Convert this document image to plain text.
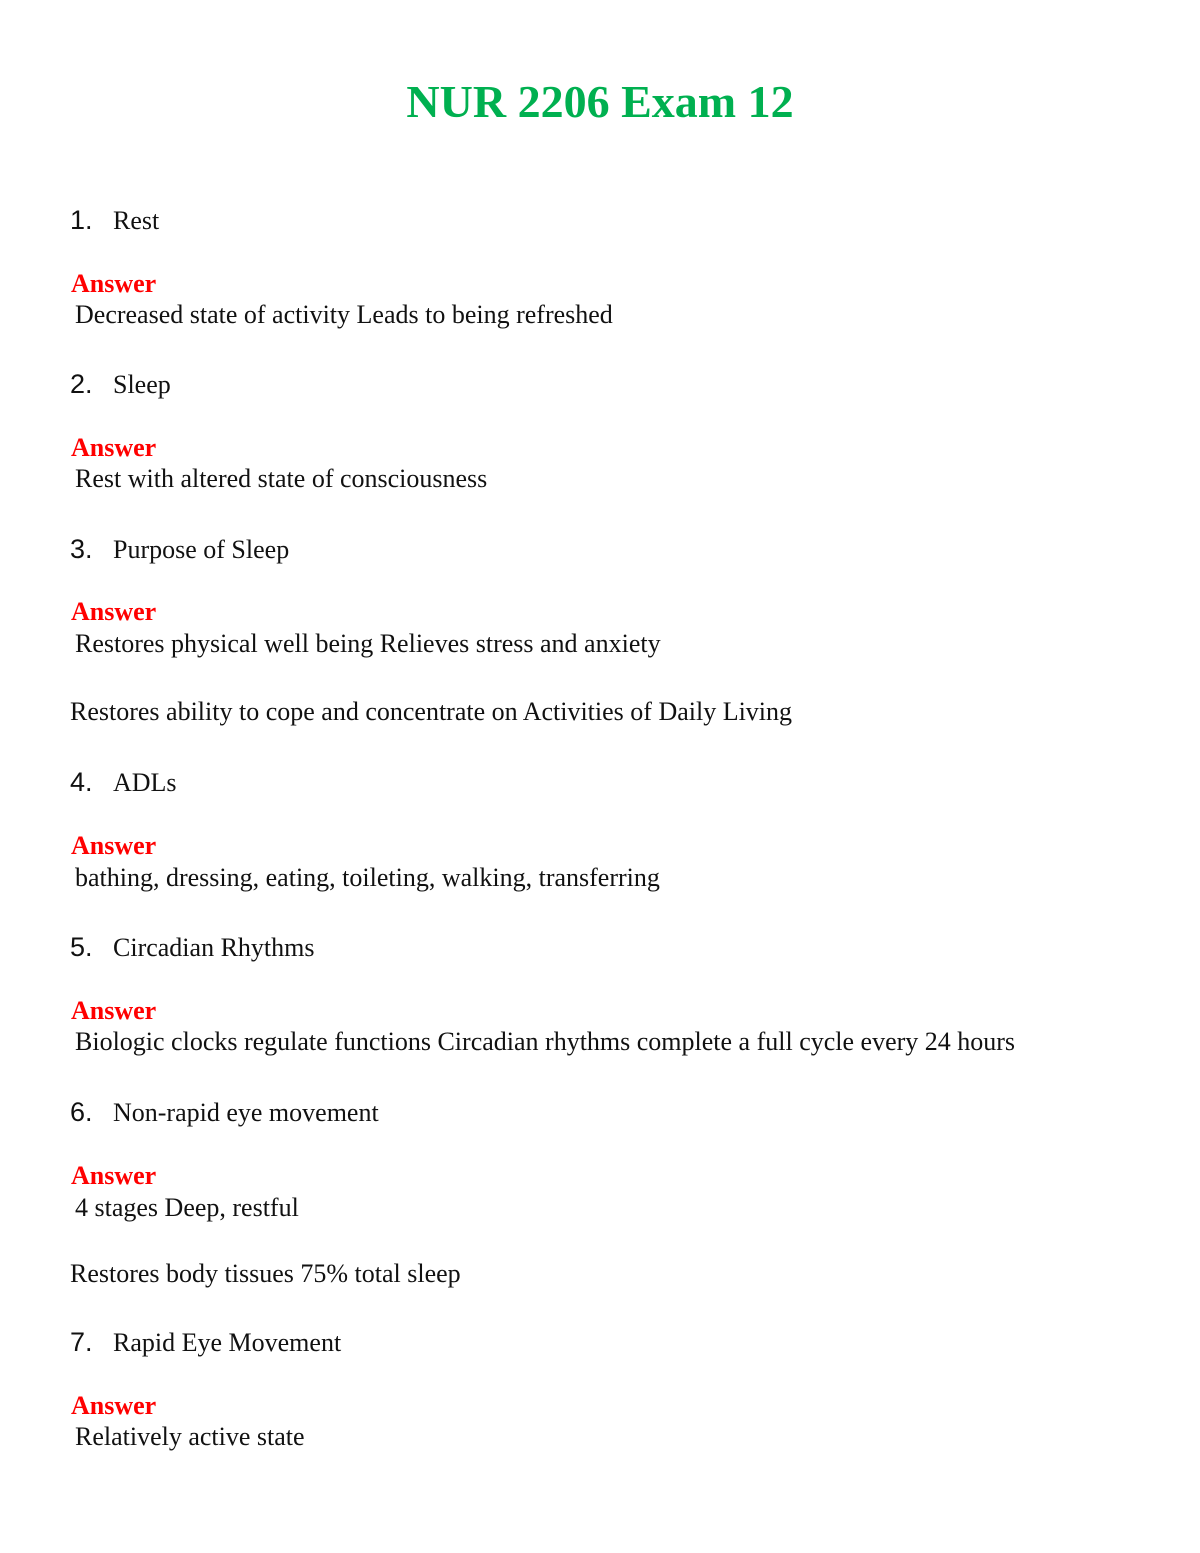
NUR 2206 Exam 12
1. Rest
Answer
Decreased state of activity Leads to being refreshed
2. Sleep
Answer
Rest with altered state of consciousness
3. Purpose of Sleep
Answer
Restores physical well being Relieves stress and anxiety
Restores ability to cope and concentrate on Activities of Daily Living
4. ADLs
Answer
bathing, dressing, eating, toileting, walking, transferring
5. Circadian Rhythms
Answer
Biologic clocks regulate functions Circadian rhythms complete a full cycle every 24 hours
6. Non-rapid eye movement
Answer
4 stages Deep, restful
Restores body tissues 75% total sleep
7. Rapid Eye Movement
Answer
Relatively active state
